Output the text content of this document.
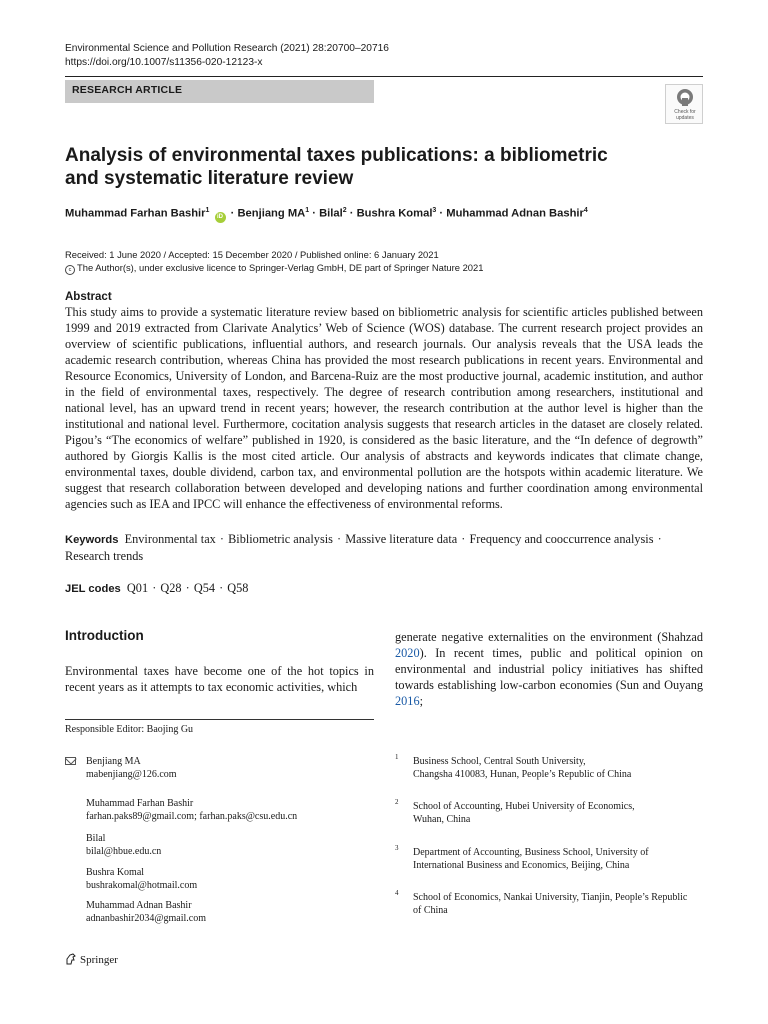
Environmental Science and Pollution Research (2021) 28:20700–20716
https://doi.org/10.1007/s11356-020-12123-x
RESEARCH ARTICLE
Check for
updates
Analysis of environmental taxes publications: a bibliometric
and systematic literature review
Muhammad Farhan Bashir$^1$ iD · Benjiang $MA^1$ · Bilal$^2$ · Bushra Komal$^3$ · Muhammad Adnan Bashir$^4$
Received: 1 June 2020 / Accepted: 15 December 2020 / Published online: 6 January 2021
c The Author(s), under exclusive licence to Springer-Verlag GmbH, DE part of Springer Nature 2021
Abstract
This study aims to provide a systematic literature review based on bibliometric analysis for scientific articles published between 1999 and 2019 extracted from Clarivate Analytics’ Web of Science (WOS) database. The current research project provides an overview of scientific publications, influential authors, and research journals. Our analysis reveals that the USA leads the academic research contribution, whereas China has provided the most research publications in recent years. Environmental and Resource Economics, University of London, and Barcena-Ruiz are the most productive journal, academic institution, and author in the field of environmental taxes, respectively. The degree of research contribution among researchers, institutional and national level, has an upward trend in recent years; however, the research contribution at the author level is higher than the institutional and national level. Furthermore, cocitation analysis suggests that research articles in the dataset are closely related. Pigou’s “The economics of welfare” published in 1920, is considered as the basic literature, and the “In defence of degrowth” authored by Giorgis Kallis is the most cited article. Our analysis of abstracts and keywords indicates that climate change, environmental taxes, double dividend, carbon tax, and environmental pollution are the hotspots within academic literature. We suggest that research collaboration between developed and developing nations and further coordination among environmental agencies such as IEA and IPCC will enhance the effectiveness of environmental reforms.
Keywords Environmental tax · Bibliometric analysis · Massive literature data · Frequency and cooccurrence analysis · Research trends
JEL codes Q01 · Q28 · Q54 · Q58
Introduction
Environmental taxes have become one of the hot topics in recent years as it attempts to tax economic activities, which
generate negative externalities on the environment (Shahzad 2020). In recent times, public and political opinion on environmental and industrial policy initiatives has shifted towards establishing low-carbon economies (Sun and Ouyang 2016;
Responsible Editor: Baojing Gu
Benjiang MA
mabenjiang@126.com
Muhammad Farhan Bashir
farhan.paks89@gmail.com; farhan.paks@csu.edu.cn
Bilal
bilal@hbue.edu.cn
Bushra Komal
bushrakomal@hotmail.com
Muhammad Adnan Bashir
adnanbashir2034@gmail.com
1 Business School, Central South University,
Changsha 410083, Hunan, People’s Republic of China
2 School of Accounting, Hubei University of Economics,
Wuhan, China
3 Department of Accounting, Business School, University of
International Business and Economics, Beijing, China
4 School of Economics, Nankai University, Tianjin, People’s Republic
of China
Springer
